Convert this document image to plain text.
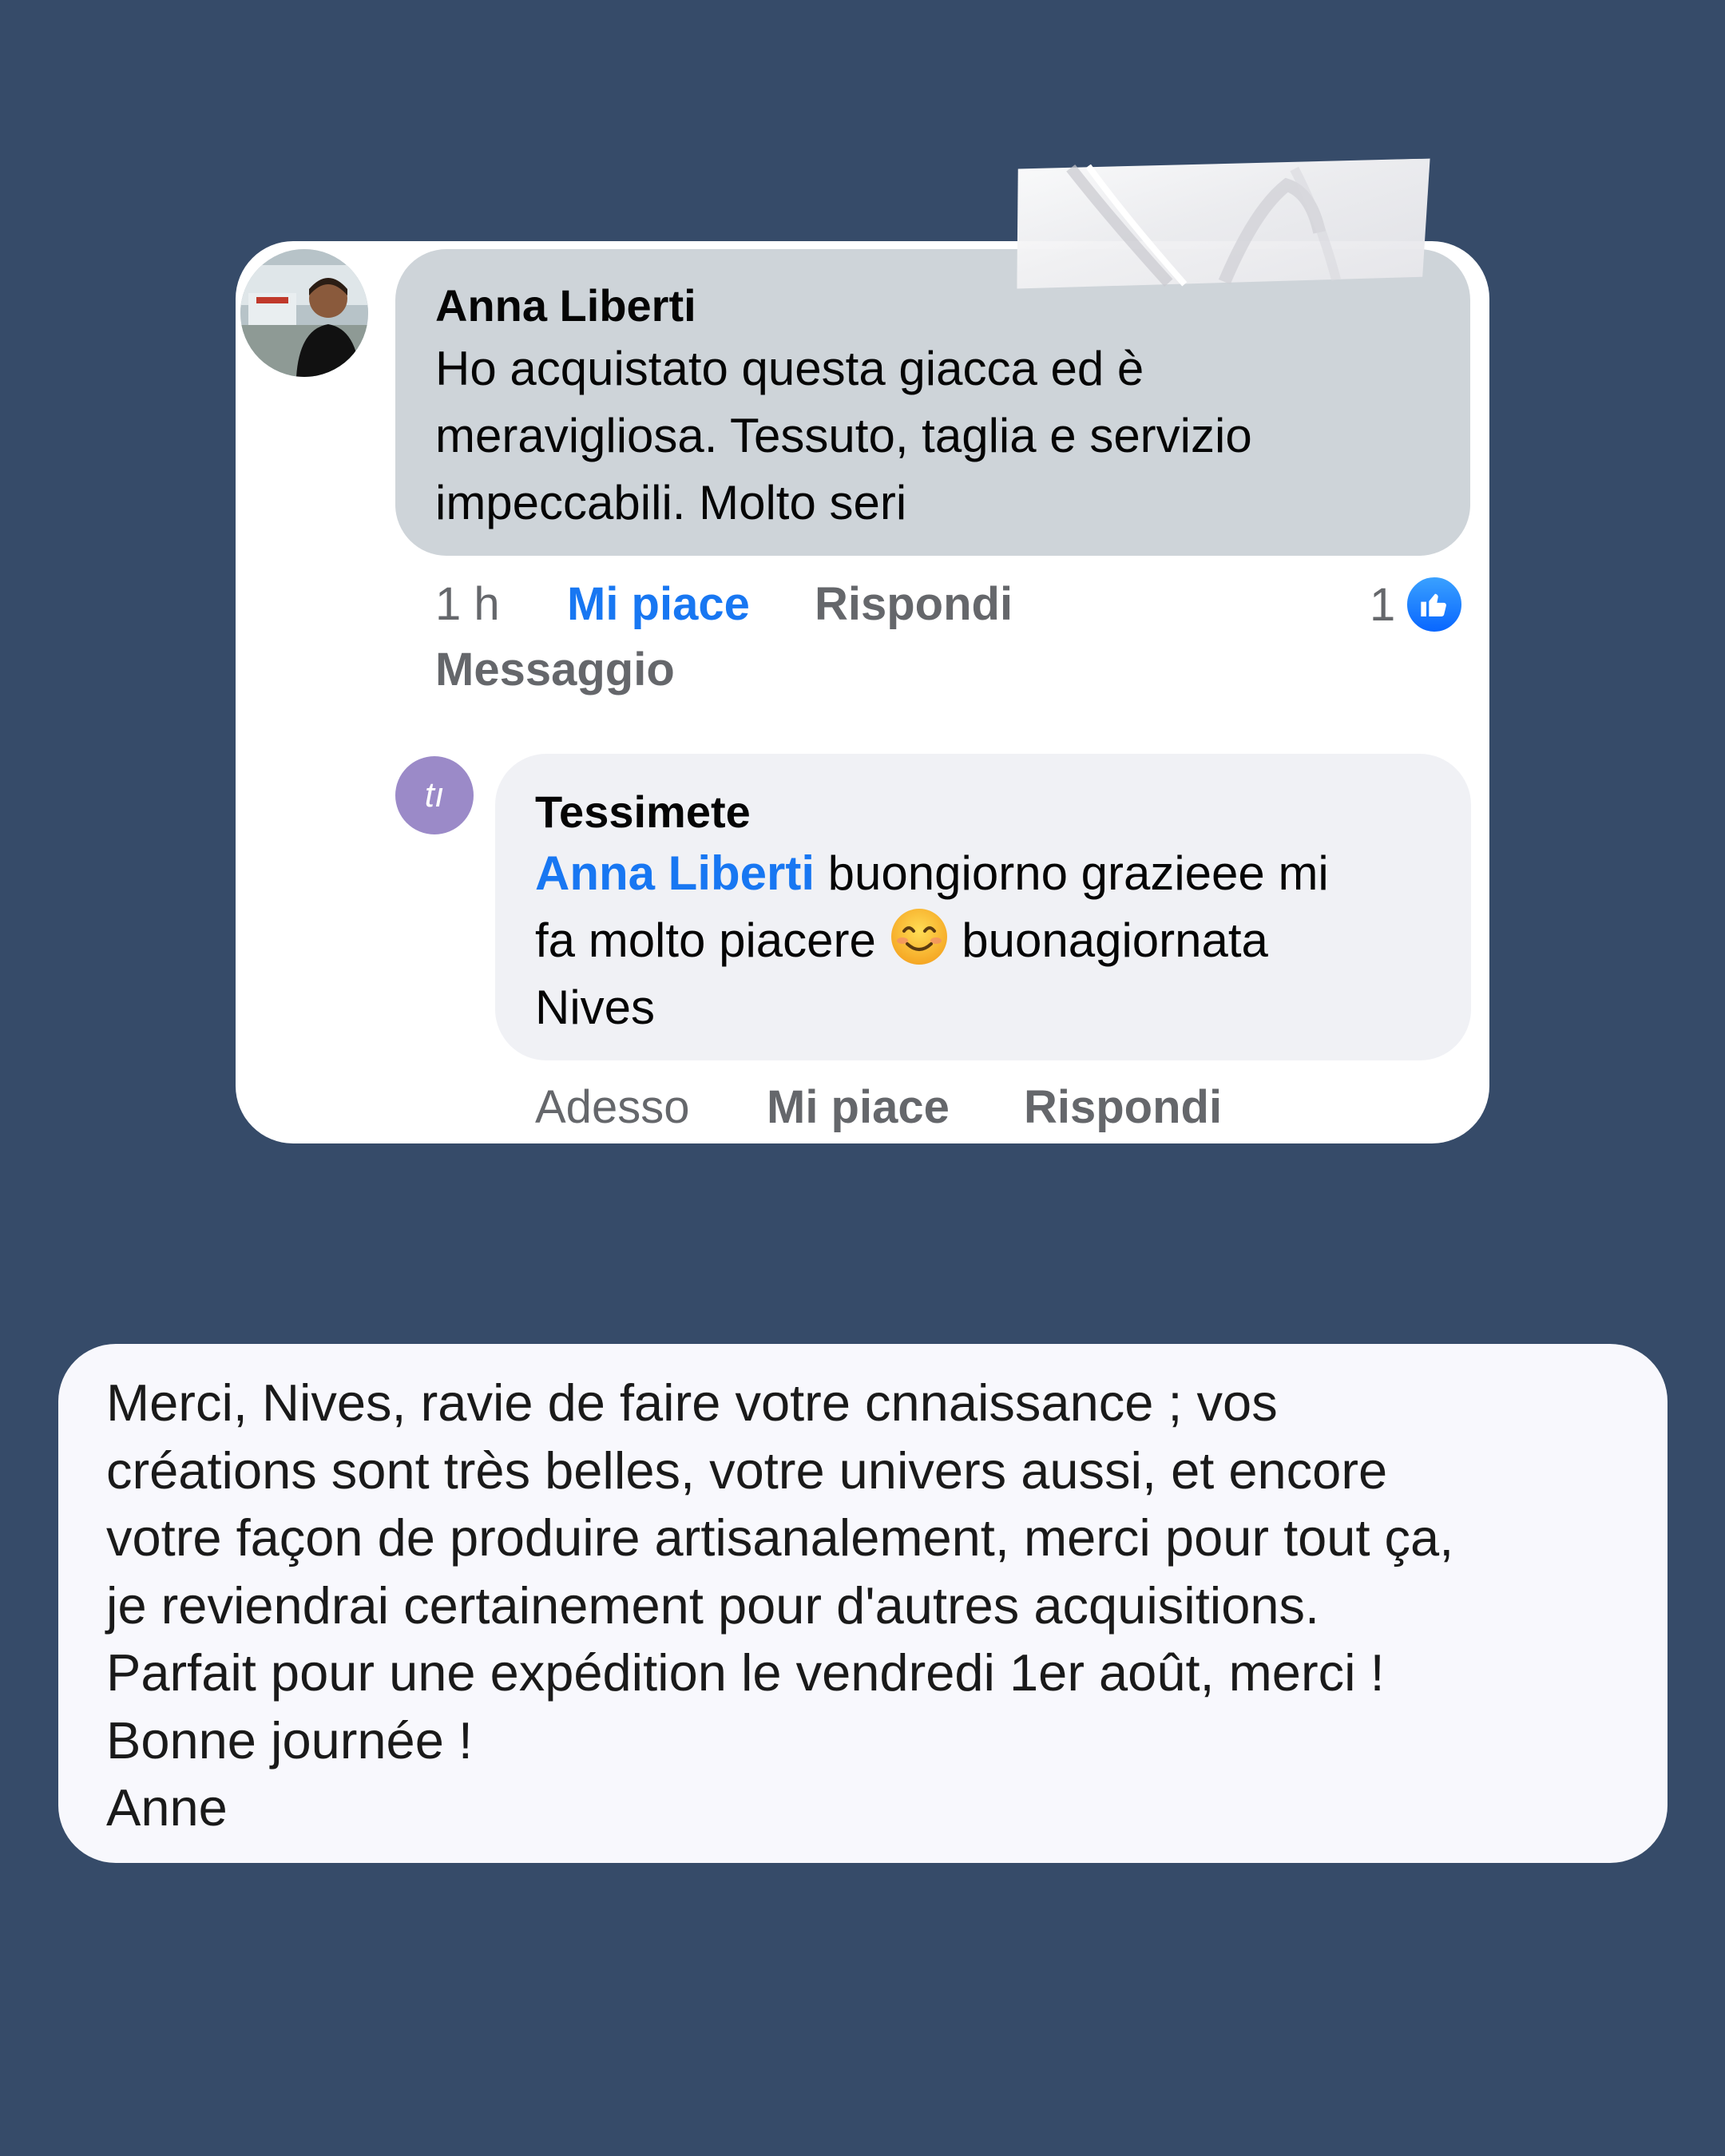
Anna Liberti
Ho acquistato questa giacca ed è
meravigliosa. Tessuto, taglia e servizio
impeccabili. Molto seri
1 h Mi piace Rispondi
Messaggio
1
tı	Tessimete
Anna Liberti buongiorno grazieee mi
fa molto piacere  buonagiornata
Nives
Adesso Mi piace Rispondi
Merci, Nives, ravie de faire votre cnnaissance ; vos
créations sont très belles, votre univers aussi, et encore
votre façon de produire artisanalement, merci pour tout ça,
je reviendrai certainement pour d'autres acquisitions.
Parfait pour une expédition le vendredi 1er août, merci !
Bonne journée !
Anne
